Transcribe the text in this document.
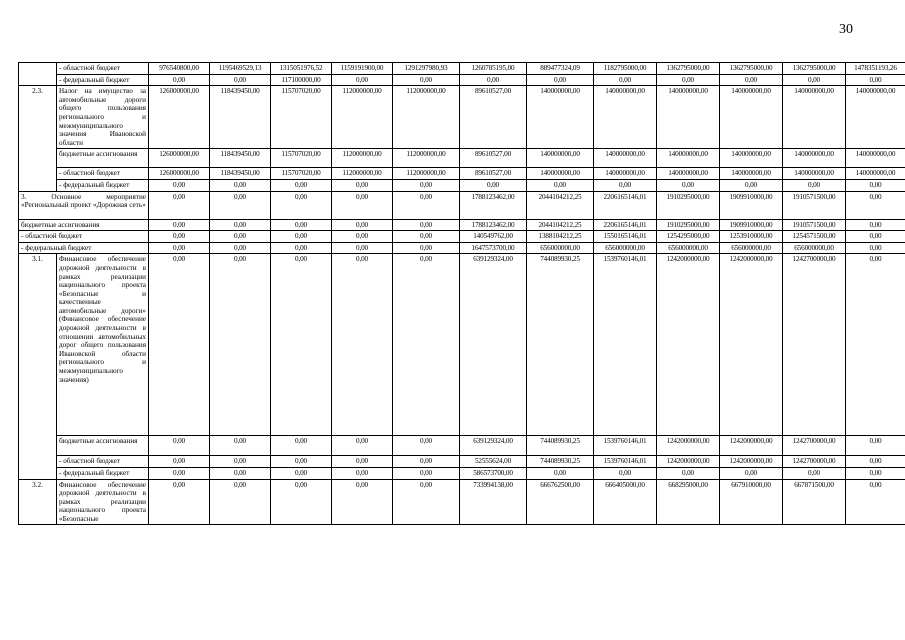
30
	- областной бюджет	976540800,00	1195469529,13	1315051976,52	1159191900,00	1291297980,93	1260785195,00	889477324,09	1182795000,00	1362795000,00	1362795000,00	1362795000,00	1478351193,26
	- федеральный бюджет	0,00	0,00	117100000,00	0,00	0,00	0,00	0,00	0,00	0,00	0,00	0,00	0,00
2.3.	Налог на имущество за автомобильные дороги общего пользования регионального и межмуниципального значения Ивановской области	126000000,00	118439450,00	115707020,00	112000000,00	112000000,00	89610527,00	140000000,00	140000000,00	140000000,00	140000000,00	140000000,00	140000000,00
	бюджетные ассигнования	126000000,00	118439450,00	115707020,00	112000000,00	112000000,00	89610527,00	140000000,00	140000000,00	140000000,00	140000000,00	140000000,00	140000000,00
	- областной бюджет	126000000,00	118439450,00	115707020,00	112000000,00	112000000,00	89610527,00	140000000,00	140000000,00	140000000,00	140000000,00	140000000,00	140000000,00
	- федеральный бюджет	0,00	0,00	0,00	0,00	0,00	0,00	0,00	0,00	0,00	0,00	0,00	0,00
3. Основное мероприятие «Региональный проект «Дорожная сеть»		0,00	0,00	0,00	0,00	0,00	1788123462,00	2044104212,25	2206165146,01	1910295000,00	1909910000,00	1910571500,00	0,00
бюджетные ассигнования		0,00	0,00	0,00	0,00	0,00	1788123462,00	2044104212,25	2206165146,01	1910295000,00	1909910000,00	1910571500,00	0,00
- областной бюджет		0,00	0,00	0,00	0,00	0,00	140549762,00	1388104212,25	1550165146,01	1254295000,00	1253910000,00	1254571500,00	0,00
- федеральный бюджет		0,00	0,00	0,00	0,00	0,00	1647573700,00	656000000,00	656000000,00	656000000,00	656000000,00	656000000,00	0,00
3.1.	Финансовое обеспечение дорожной деятельности в рамках реализации национального проекта «Безопасные и качественные автомобильные дороги» (Финансовое обеспечение дорожной деятельности в отношении автомобильных дорог общего пользования Ивановской области регионального и межмуниципального значения)	0,00	0,00	0,00	0,00	0,00	639129324,00	744089930,25	1539760146,01	1242000000,00	1242000000,00	1242700000,00	0,00
	бюджетные ассигнования	0,00	0,00	0,00	0,00	0,00	639129324,00	744089930,25	1539760146,01	1242000000,00	1242000000,00	1242700000,00	0,00
	- областной бюджет	0,00	0,00	0,00	0,00	0,00	52555624,00	744089930,25	1539760146,01	1242000000,00	1242000000,00	1242700000,00	0,00
	- федеральный бюджет	0,00	0,00	0,00	0,00	0,00	586573700,00	0,00	0,00	0,00	0,00	0,00	0,00
3.2.	Финансовое обеспечение дорожной деятельности в рамках реализации национального проекта «Безопасные	0,00	0,00	0,00	0,00	0,00	733994138,00	666762500,00	666405000,00	668295000,00	667910000,00	667871500,00	0,00
